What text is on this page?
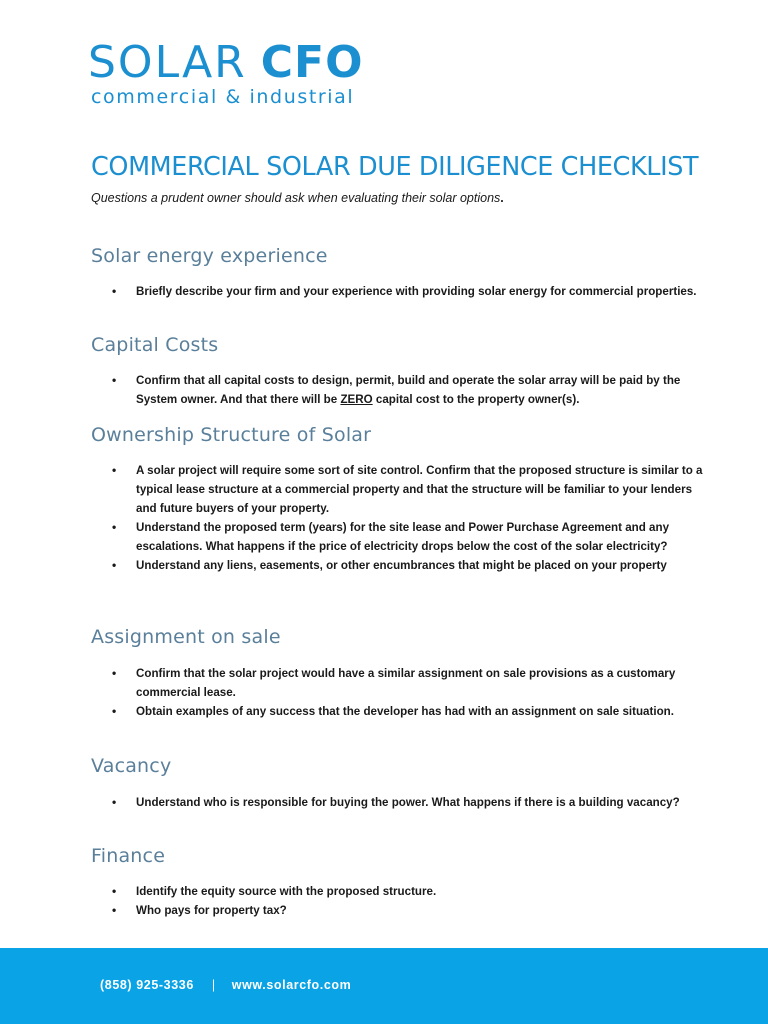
SOLAR CFO
commercial & industrial
COMMERCIAL SOLAR DUE DILIGENCE CHECKLIST
Questions a prudent owner should ask when evaluating their solar options.
Solar energy experience
• Briefly describe your firm and your experience with providing solar energy for commercial properties.
Capital Costs
• Confirm that all capital costs to design, permit, build and operate the solar array will be paid by the System owner. And that there will be ZERO capital cost to the property owner(s).
Ownership Structure of Solar
• A solar project will require some sort of site control. Confirm that the proposed structure is similar to a typical lease structure at a commercial property and that the structure will be familiar to your lenders and future buyers of your property.
• Understand the proposed term (years) for the site lease and Power Purchase Agreement and any escalations. What happens if the price of electricity drops below the cost of the solar electricity?
• Understand any liens, easements, or other encumbrances that might be placed on your property
Assignment on sale
• Confirm that the solar project would have a similar assignment on sale provisions as a customary commercial lease.
• Obtain examples of any success that the developer has had with an assignment on sale situation.
Vacancy
• Understand who is responsible for buying the power. What happens if there is a building vacancy?
Finance
• Identify the equity source with the proposed structure.
• Who pays for property tax?
(858) 925-3336 | www.solarcfo.com
